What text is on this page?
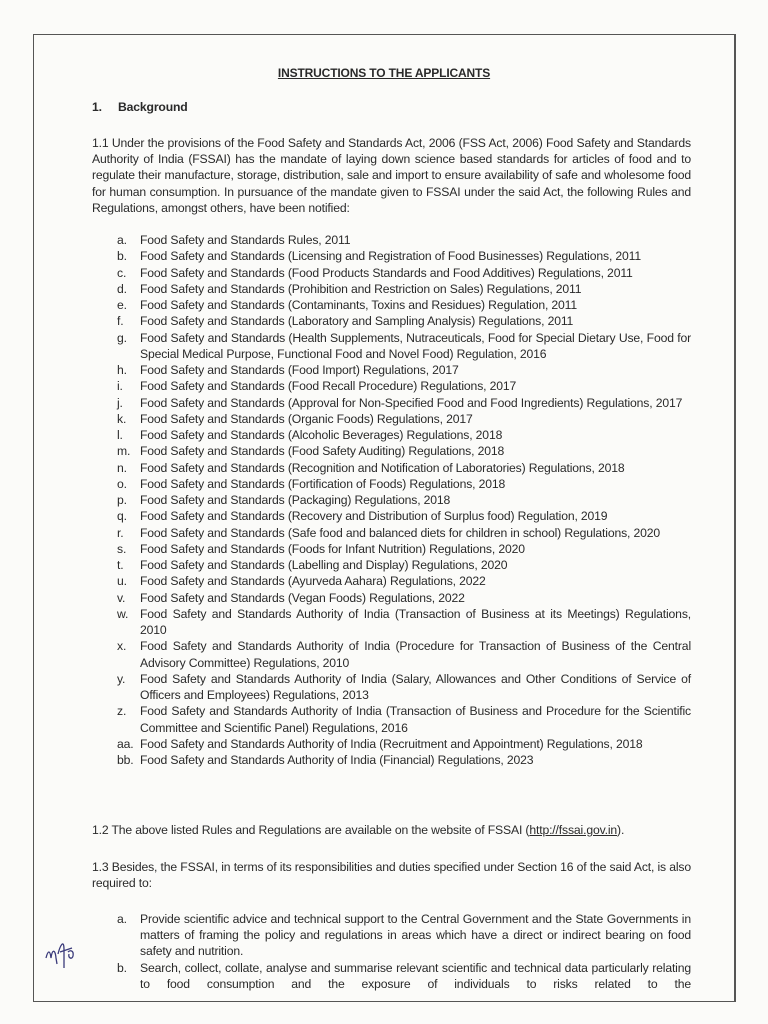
INSTRUCTIONS TO THE APPLICANTS
1. Background
1.1 Under the provisions of the Food Safety and Standards Act, 2006 (FSS Act, 2006) Food Safety and Standards Authority of India (FSSAI) has the mandate of laying down science based standards for articles of food and to regulate their manufacture, storage, distribution, sale and import to ensure availability of safe and wholesome food for human consumption. In pursuance of the mandate given to FSSAI under the said Act, the following Rules and Regulations, amongst others, have been notified:
a.	Food Safety and Standards Rules, 2011
b.	Food Safety and Standards (Licensing and Registration of Food Businesses) Regulations, 2011
c.	Food Safety and Standards (Food Products Standards and Food Additives) Regulations, 2011
d.	Food Safety and Standards (Prohibition and Restriction on Sales) Regulations, 2011
e.	Food Safety and Standards (Contaminants, Toxins and Residues) Regulation, 2011
f.	Food Safety and Standards (Laboratory and Sampling Analysis) Regulations, 2011
g.	Food Safety and Standards (Health Supplements, Nutraceuticals, Food for Special Dietary Use, Food for Special Medical Purpose, Functional Food and Novel Food) Regulation, 2016
h.	Food Safety and Standards (Food Import) Regulations, 2017
i.	Food Safety and Standards (Food Recall Procedure) Regulations, 2017
j.	Food Safety and Standards (Approval for Non-Specified Food and Food Ingredients) Regulations, 2017
k.	Food Safety and Standards (Organic Foods) Regulations, 2017
l.	Food Safety and Standards (Alcoholic Beverages) Regulations, 2018
m. Food Safety and Standards (Food Safety Auditing) Regulations, 2018
n.	Food Safety and Standards (Recognition and Notification of Laboratories) Regulations, 2018
o.	Food Safety and Standards (Fortification of Foods) Regulations, 2018
p.	Food Safety and Standards (Packaging) Regulations, 2018
q.	Food Safety and Standards (Recovery and Distribution of Surplus food) Regulation, 2019
r.	Food Safety and Standards (Safe food and balanced diets for children in school) Regulations, 2020
s.	Food Safety and Standards (Foods for Infant Nutrition) Regulations, 2020
t.	Food Safety and Standards (Labelling and Display) Regulations, 2020
u.	Food Safety and Standards (Ayurveda Aahara) Regulations, 2022
v.	Food Safety and Standards (Vegan Foods) Regulations, 2022
w. Food Safety and Standards Authority of India (Transaction of Business at its Meetings) Regulations, 2010
x.	Food Safety and Standards Authority of India (Procedure for Transaction of Business of the Central Advisory Committee) Regulations, 2010
y.	Food Safety and Standards Authority of India (Salary, Allowances and Other Conditions of Service of Officers and Employees) Regulations, 2013
z.	Food Safety and Standards Authority of India (Transaction of Business and Procedure for the Scientific Committee and Scientific Panel) Regulations, 2016
aa. Food Safety and Standards Authority of India (Recruitment and Appointment) Regulations, 2018
bb. Food Safety and Standards Authority of India (Financial) Regulations, 2023
1.2 The above listed Rules and Regulations are available on the website of FSSAI (http://fssai.gov.in).
1.3 Besides, the FSSAI, in terms of its responsibilities and duties specified under Section 16 of the said Act, is also required to:
a.	Provide scientific advice and technical support to the Central Government and the State Governments in matters of framing the policy and regulations in areas which have a direct or indirect bearing on food safety and nutrition.
b.	Search, collect, collate, analyse and summarise relevant scientific and technical data particularly relating to food consumption and the exposure of individuals to risks related to the
